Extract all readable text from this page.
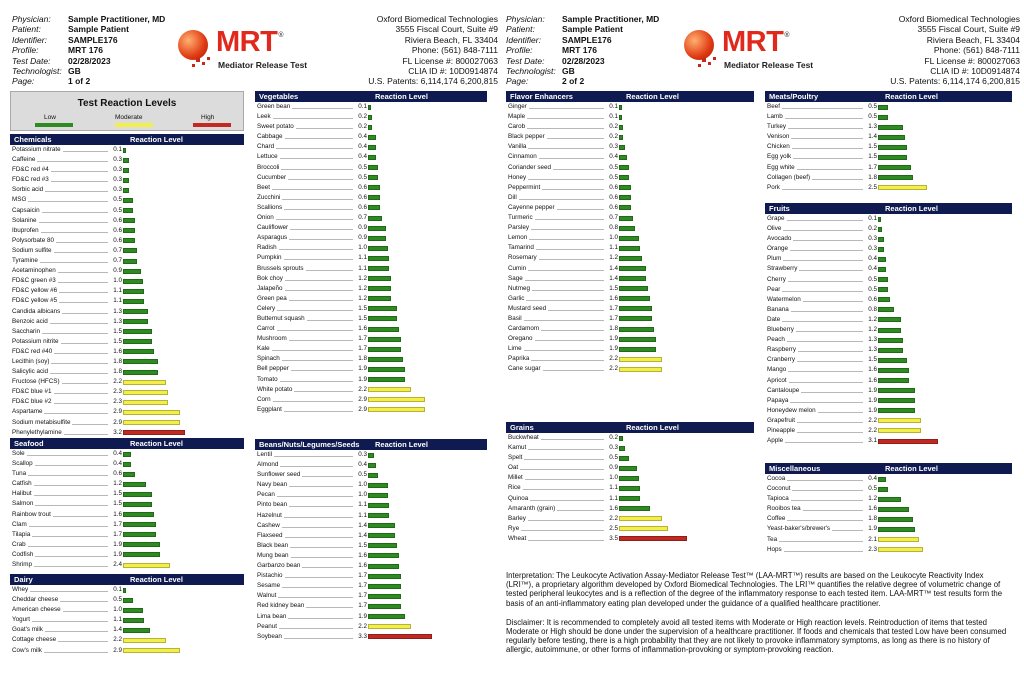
Physician:	Sample Practitioner, MD
Patient:	Sample Patient
Identifier:	SAMPLE176
Profile:	MRT 176
Test Date:	02/28/2023
Technologist: GB
Page:	1 of 2
MRT®
Mediator Release Test
Oxford Biomedical Technologies
3555 Fiscal Court, Suite #9
Riviera Beach, FL 33404
Phone: (561) 848-7111
FL License #: 800027063
CLIA ID #: 10D0914874
U.S. Patents: 6,114,174 6,200,815
Test Reaction Levels
Low	Moderate	High
Physician:	Sample Practitioner, MD
Patient:	Sample Patient
Identifier:	SAMPLE176
Profile:	MRT 176
Test Date:	02/28/2023
Technologist: GB
Page:	2 of 2
MRT®
Mediator Release Test
Oxford Biomedical Technologies
3555 Fiscal Court, Suite #9
Riviera Beach, FL 33404
Phone: (561) 848-7111
FL License #: 800027063
CLIA ID #: 10D0914874
U.S. Patents: 6,114,174 6,200,815
Chemicals	Reaction Level
Potassium nitrate	0.1
Caffeine	0.3
FD&C red #4	0.3
FD&C red #3	0.3
Sorbic acid	0.3
MSG	0.5
Capsaicin	0.5
Solanine	0.6
Ibuprofen	0.6
Polysorbate 80	0.6
Sodium sulfite	0.7
Tyramine	0.7
Acetaminophen	0.9
FD&C green #3	1.0
FD&C yellow #6	1.1
FD&C yellow #5	1.1
Candida albicans	1.3
Benzoic acid	1.3
Saccharin	1.5
Potassium nitrite	1.5
FD&C red #40	1.6
Lecithin (soy)	1.8
Salicylic acid	1.8
Fructose (HFCS)	2.2
FD&C blue #1	2.3
FD&C blue #2	2.3
Aspartame	2.9
Sodium metabisulfite	2.9
Phenylethylamine	3.2
Seafood	Reaction Level
Sole	0.4
Scallop	0.4
Tuna	0.6
Catfish	1.2
Halibut	1.5
Salmon	1.5
Rainbow trout	1.6
Clam	1.7
Tilapia	1.7
Crab	1.9
Codfish	1.9
Shrimp	2.4
Dairy	Reaction Level
Whey	0.1
Cheddar cheese	0.5
American cheese	1.0
Yogurt	1.1
Goat's milk	1.4
Cottage cheese	2.2
Cow's milk	2.9
Vegetables	Reaction Level
Green bean	0.1
Leek	0.2
Sweet potato	0.2
Cabbage	0.4
Chard	0.4
Lettuce	0.4
Broccoli	0.5
Cucumber	0.5
Beet	0.6
Zucchini	0.6
Scallions	0.6
Onion	0.7
Cauliflower	0.9
Asparagus	0.9
Radish	1.0
Pumpkin	1.1
Brussels sprouts	1.1
Bok choy	1.2
Jalapeño	1.2
Green pea	1.2
Celery	1.5
Butternut squash	1.5
Carrot	1.6
Mushroom	1.7
Kale	1.7
Spinach	1.8
Bell pepper	1.9
Tomato	1.9
White potato	2.2
Corn	2.9
Eggplant	2.9
Beans/Nuts/Legumes/Seeds Reaction Level
Lentil	0.3
Almond	0.4
Sunflower seed	0.5
Navy bean	1.0
Pecan	1.0
Pinto bean	1.1
Hazelnut	1.1
Cashew	1.4
Flaxseed	1.4
Black bean	1.5
Mung bean	1.6
Garbanzo bean	1.6
Pistachio	1.7
Sesame	1.7
Walnut	1.7
Red kidney bean	1.7
Lima bean	1.9
Peanut	2.2
Soybean	3.3
Flavor Enhancers	Reaction Level
Ginger	0.1
Maple	0.1
Carob	0.2
Black pepper	0.2
Vanilla	0.3
Cinnamon	0.4
Coriander seed	0.5
Honey	0.5
Peppermint	0.6
Dill	0.6
Cayenne pepper	0.6
Turmeric	0.7
Parsley	0.8
Lemon	1.0
Tamarind	1.1
Rosemary	1.2
Cumin	1.4
Sage	1.4
Nutmeg	1.5
Garlic	1.6
Mustard seed	1.7
Basil	1.7
Cardamom	1.8
Oregano	1.9
Lime	1.9
Paprika	2.2
Cane sugar	2.2
Grains	Reaction Level
Buckwheat	0.2
Kamut	0.3
Spelt	0.5
Oat	0.9
Millet	1.0
Rice	1.1
Quinoa	1.1
Amaranth (grain)	1.6
Barley	2.2
Rye	2.5
Wheat	3.5
Meats/Poultry	Reaction Level
Beef	0.5
Lamb	0.5
Turkey	1.3
Venison	1.4
Chicken	1.5
Egg yolk	1.5
Egg white	1.7
Collagen (beef)	1.8
Pork	2.5
Fruits	Reaction Level
Grape	0.1
Olive	0.2
Avocado	0.3
Orange	0.3
Plum	0.4
Strawberry	0.4
Cherry	0.5
Pear	0.5
Watermelon	0.6
Banana	0.8
Date	1.2
Blueberry	1.2
Peach	1.3
Raspberry	1.3
Cranberry	1.5
Mango	1.6
Apricot	1.6
Cantaloupe	1.9
Papaya	1.9
Honeydew melon	1.9
Grapefruit	2.2
Pineapple	2.2
Apple	3.1
Miscellaneous	Reaction Level
Cocoa	0.4
Coconut	0.5
Tapioca	1.2
Rooibos tea	1.6
Coffee	1.8
Yeast-baker's/brewer's	1.9
Tea	2.1
Hops	2.3

Interpretation: The Leukocyte Activation Assay-Mediator Release Test™ (LAA-MRT™) results are based on the Leukocyte Reactivity Index (LRI™), a proprietary algorithm developed by Oxford Biomedical Technologies. The LRI™ quantifies the relative degree of volumetric change of tested peripheral leukocytes and is a reflection of the degree of the inflammatory response to each tested item. LAA-MRT™ test results form the basis of an anti-inflammatory eating plan developed under the guidance of a qualified healthcare practitioner.

Disclaimer: It is recommended to completely avoid all tested items with Moderate or High reaction levels. Reintroduction of items that tested Moderate or High should be done under the supervision of a healthcare practitioner. If foods and chemicals that tested Low have been consumed regularly before testing, there is a high probability that they are not likely to provoke inflammatory symptoms, as long as there is no history of allergic, autoimmune, or other forms of inflammation-provoking or symptom-provoking reaction.
